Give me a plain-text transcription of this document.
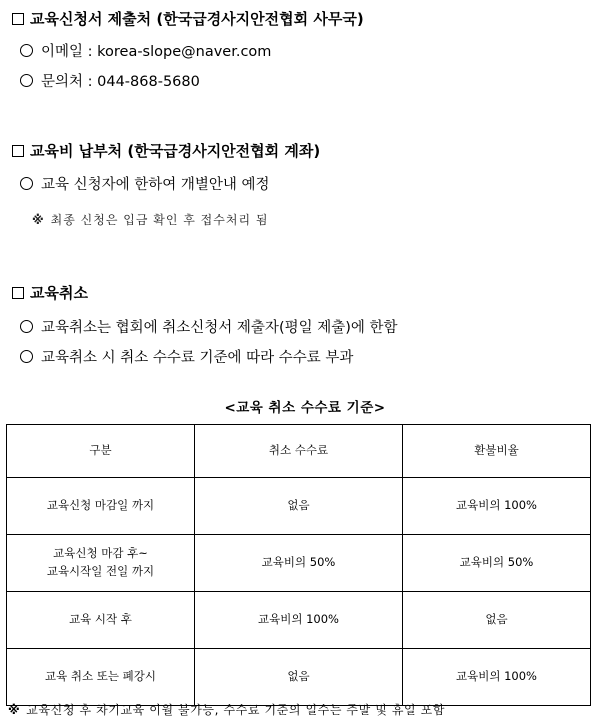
교육신청서 제출처 (한국급경사지안전협회 사무국)
이메일 : korea-slope@naver.com
문의처 : 044-868-5680
교육비 납부처 (한국급경사지안전협회 계좌)
교육 신청자에 한하여 개별안내 예정
※ 최종 신청은 입금 확인 후 접수처리 됨
교육취소
교육취소는 협회에 취소신청서 제출자(평일 제출)에 한함
교육취소 시 취소 수수료 기준에 따라 수수료 부과
<교육 취소 수수료 기준>
구분	취소 수수료	환불비율
교육신청 마감일 까지	없음	교육비의 100%
교육신청 마감 후~
교육시작일 전일 까지	교육비의 50%	교육비의 50%
교육 시작 후	교육비의 100%	없음
교육 취소 또는 폐강시	없음	교육비의 100%
※ 교육신청 후 차기교육 이월 불가능, 수수료 기준의 일수는 주말 및 휴일 포함
